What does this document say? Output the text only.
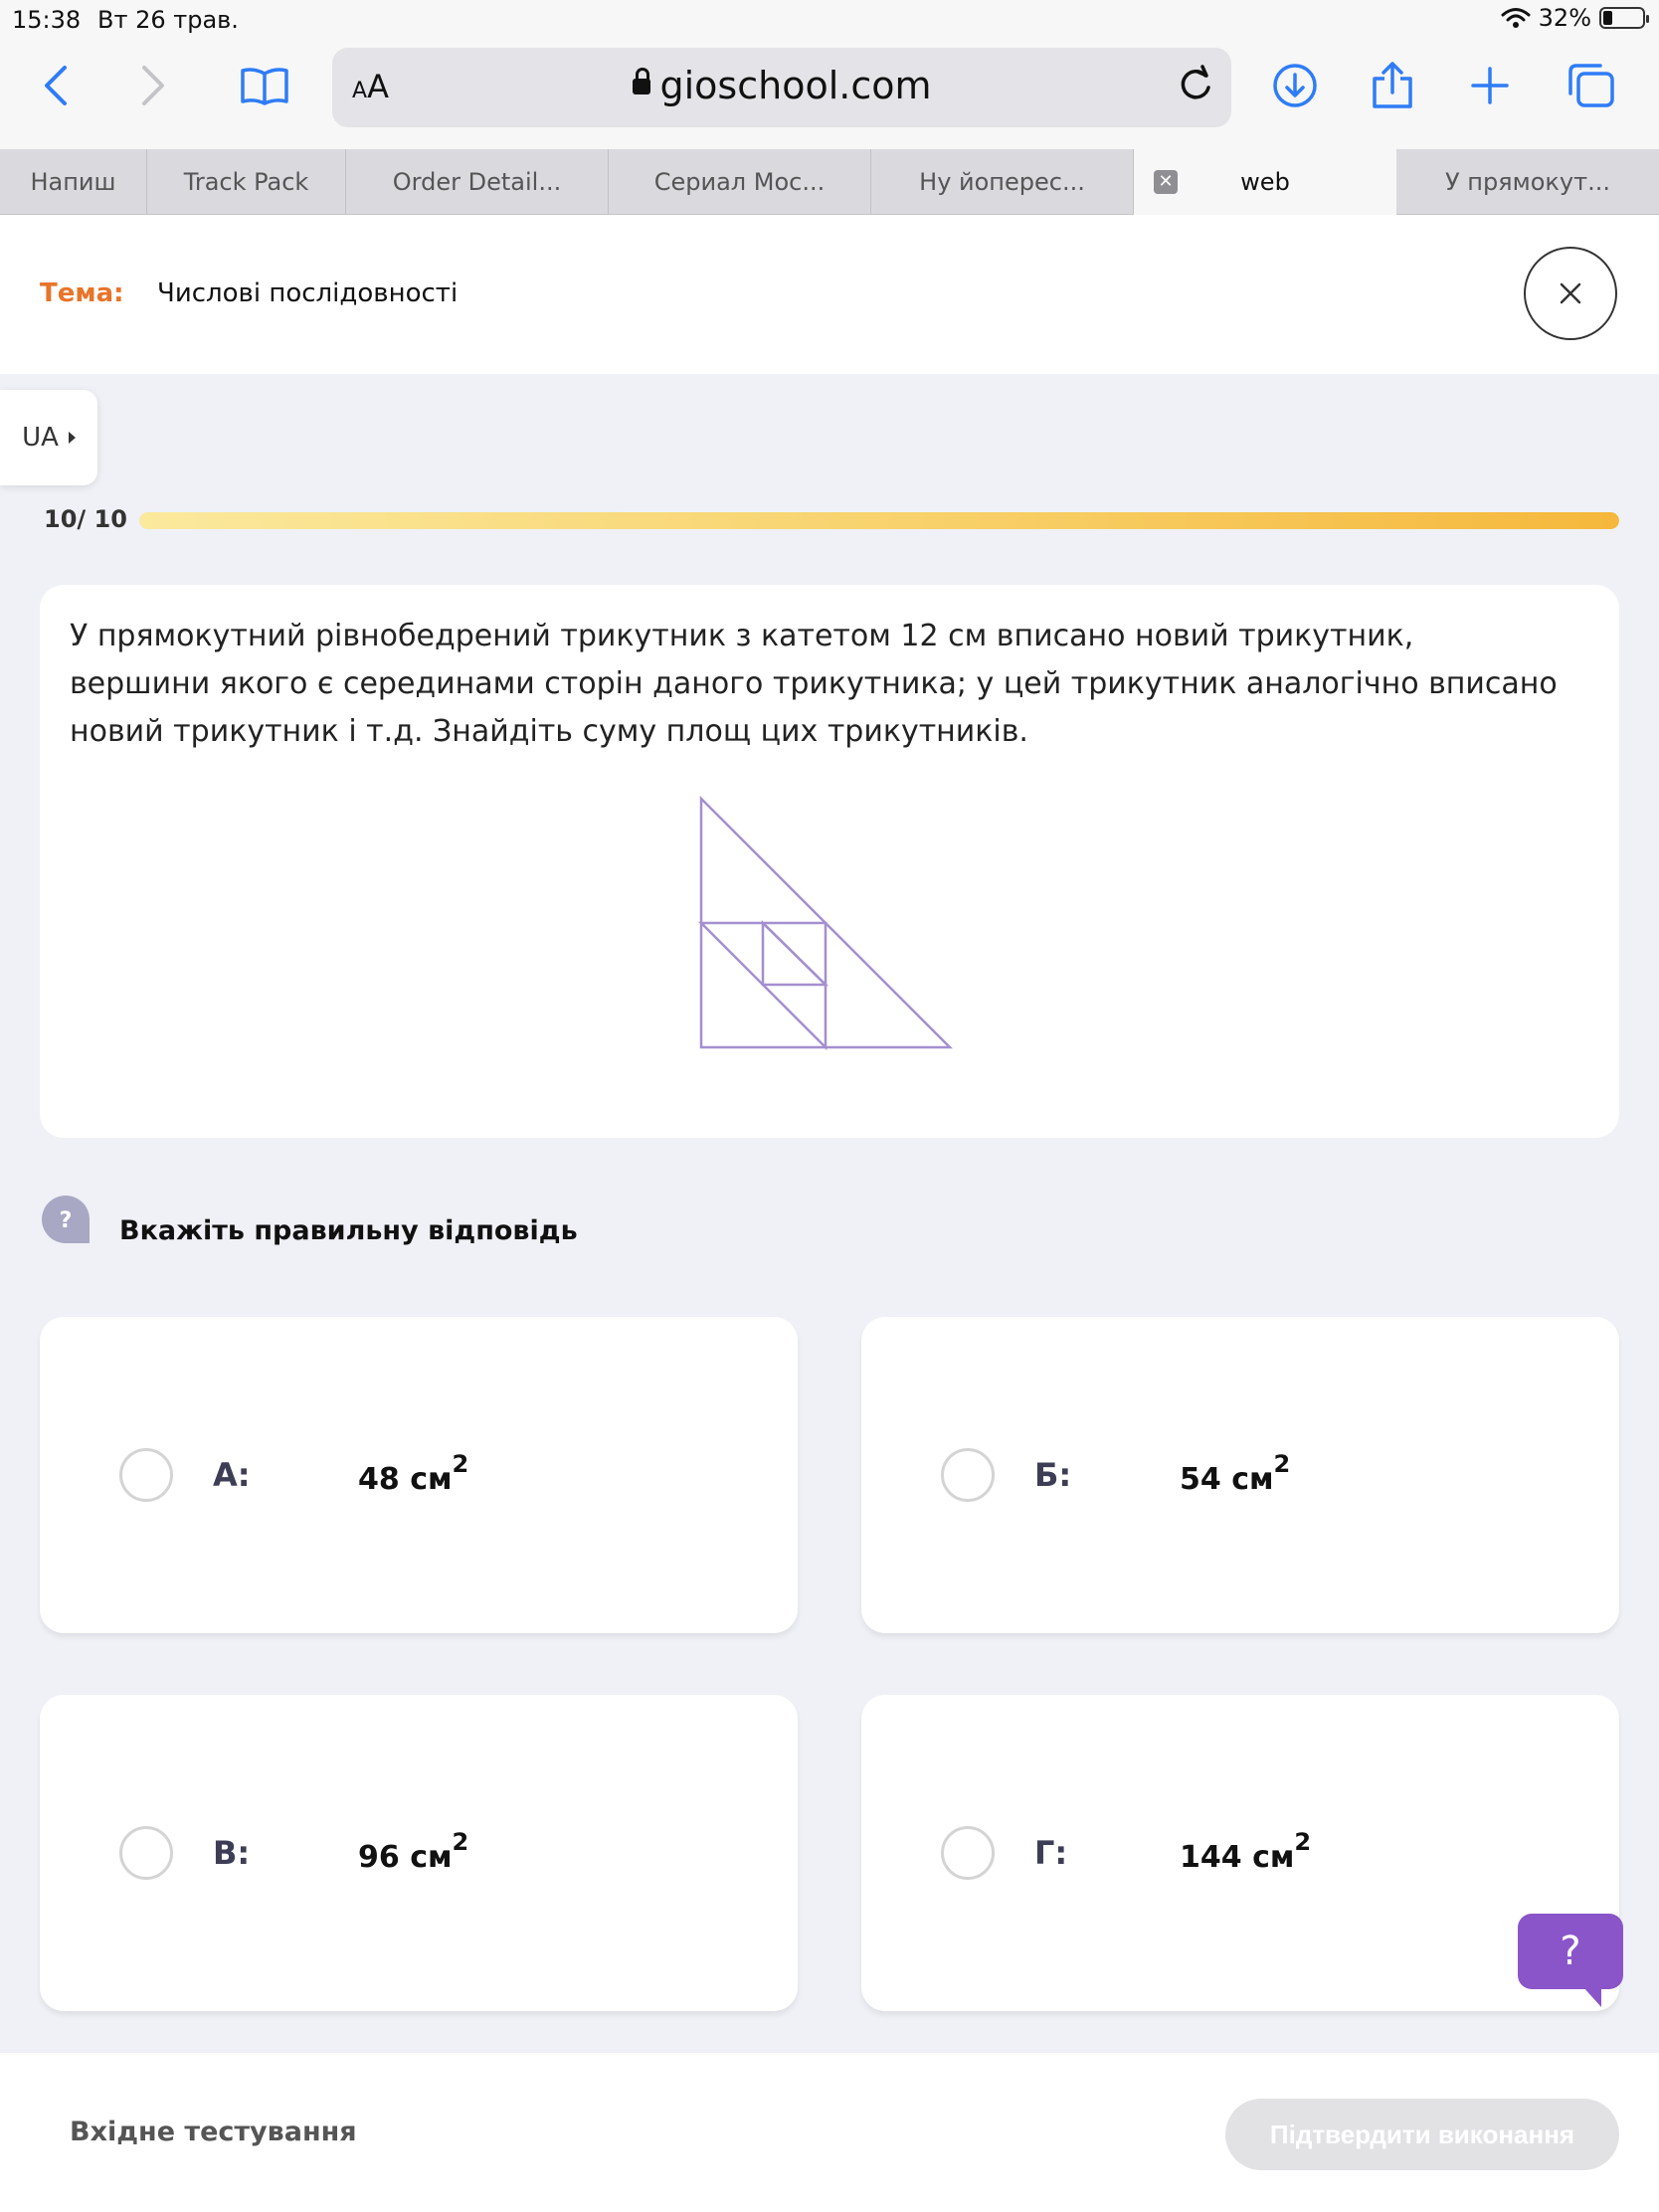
15:38 Вт 26 трав.	32%
AA	gioschool.com
Напиш	Track Pack	Order Detail...	Сериал Мос...	Ну йоперес...	✕	web	У прямокут...
Тема: Числові послідовності
UA
10/ 10
У прямокутний рівнобедрений трикутник з катетом 12 см вписано новий трикутник, вершини якого є серединами сторін даного трикутника; у цей трикутник аналогічно вписано новий трикутник і т.д. Знайдіть суму площ цих трикутників.
? Вкажіть правильну відповідь
А:	48 $см^2$	Б:	54 $см^2$
В:	96 $см^2$	Г:	144 $см^2$
?
Вхідне тестування	Підтвердити виконання
